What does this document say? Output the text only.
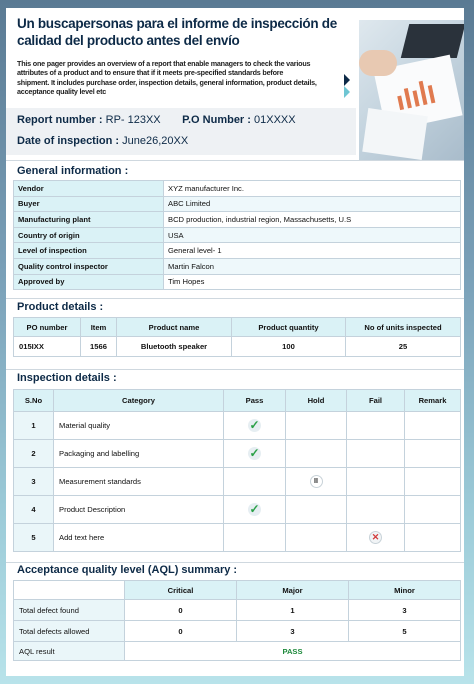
Un buscapersonas para el informe de inspección de calidad del producto antes del envío
This one pager provides an overview of a report that enable managers to check the various attributes of a product and to ensure that if it meets pre-specified standards before shipment. It includes purchase order, inspection details, general information, product details, acceptance quality level etc
Report number : RP- 123XX P.O Number : 01XXXX
Date of inspection : June26,20XX
General information :
Vendor	XYZ manufacturer Inc.
Buyer	ABC Limited
Manufacturing plant	BCD production, industrial region, Massachusetts, U.S
Country of origin	USA
Level of inspection	General level- 1
Quality control inspector	Martin Falcon
Approved by	Tim Hopes
Product details :
PO number	Item	Product name	Product quantity	No of units inspected
015IXX	1566	Bluetooth speaker	100	25
Inspection details :
S.No	Category	Pass	Hold	Fail	Remark
1	Material quality	✓			
2	Packaging and labelling	✓			
3	Measurement standards		II		
4	Product Description	✓			
5	Add text here			✕	
Acceptance quality level (AQL) summary :
	Critical	Major	Minor
Total defect found	0	1	3
Total defects allowed	0	3	5
AQL result	PASS		
